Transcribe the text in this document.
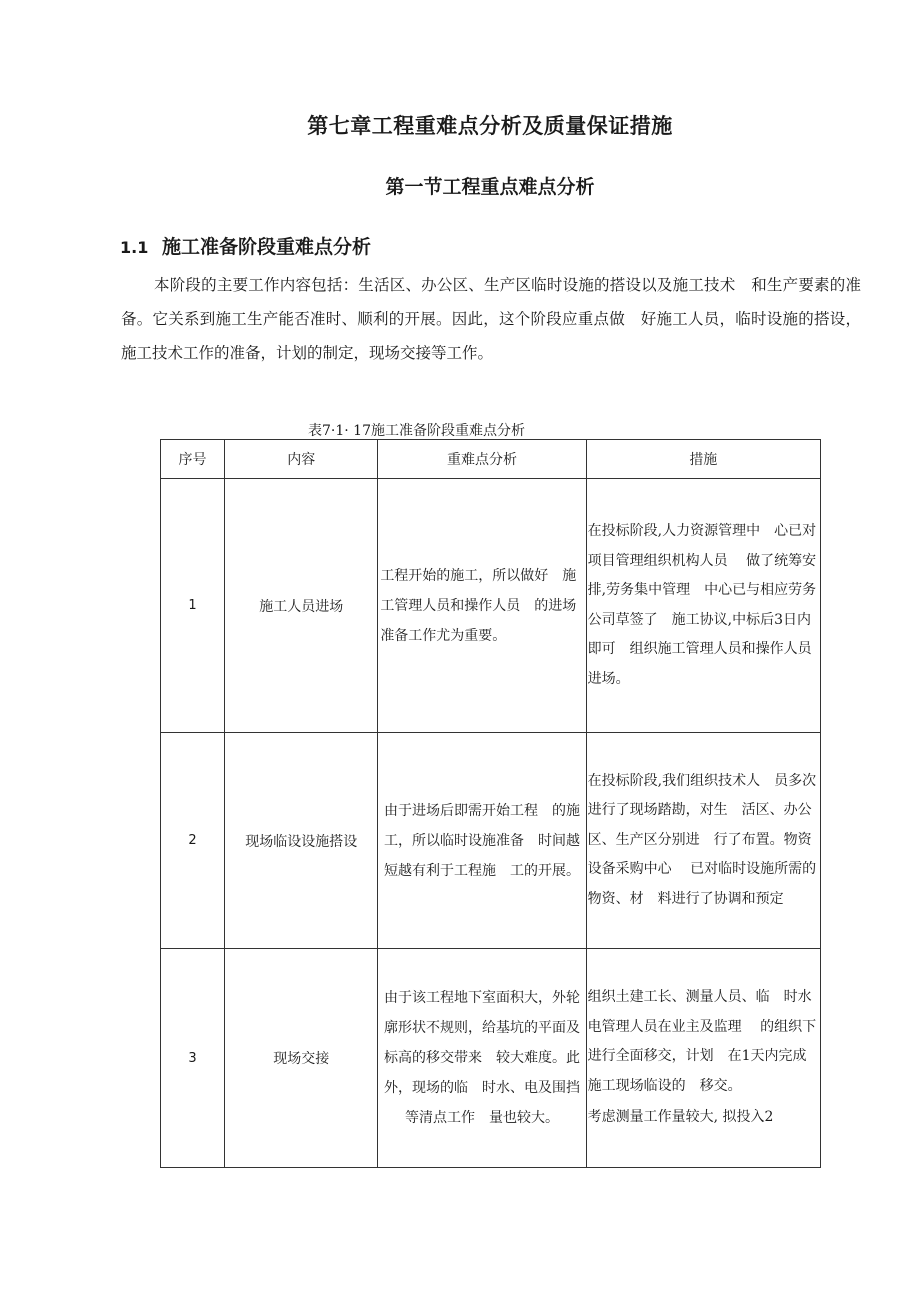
第七章工程重难点分析及质量保证措施
第一节工程重点难点分析
1.1 施工准备阶段重难点分析

本阶段的主要工作内容包括：生活区、办公区、生产区临时设施的搭设以及施工技术　和生产要素的准备。它关系到施工生产能否准时、顺利的开展。因此，这个阶段应重点做　好施工人员，临时设施的搭设，施工技术工作的准备，计划的制定，现场交接等工作。

表7·1· 17施工准备阶段重难点分析

序号	内容	重难点分析	措施
1	施工人员进场	工程开始的施工，所以做好　施工管理人员和操作人员　的进场准备工作尤为重要。	在投标阶段,人力资源管理中　心已对项目管理组织机构人员　 做了统筹安排,劳务集中管理　中心已与相应劳务公司草签了　施工协议,中标后3日内即可　组织施工管理人员和操作人员　进场。
2	现场临设设施搭设	由于进场后即需开始工程　的施工，所以临时设施准备　时间越短越有利于工程施　工的开展。	在投标阶段,我们组织技术人　员多次进行了现场踏勘，对生　活区、办公区、生产区分别进　行了布置。物资设备采购中心　 已对临时设施所需的物资、材　料进行了协调和预定
3	现场交接	由于该工程地下室面积大，外轮廓形状不规则，给基坑的平面及标高的移交带来　较大难度。此外，现场的临　时水、电及围挡等清点工作　量也较大。	组织土建工长、测量人员、临　时水电管理人员在业主及监理　 的组织下进行全面移交，计划　在1天内完成施工现场临设的　移交。
考虑测量工作量较大, 拟投入2
